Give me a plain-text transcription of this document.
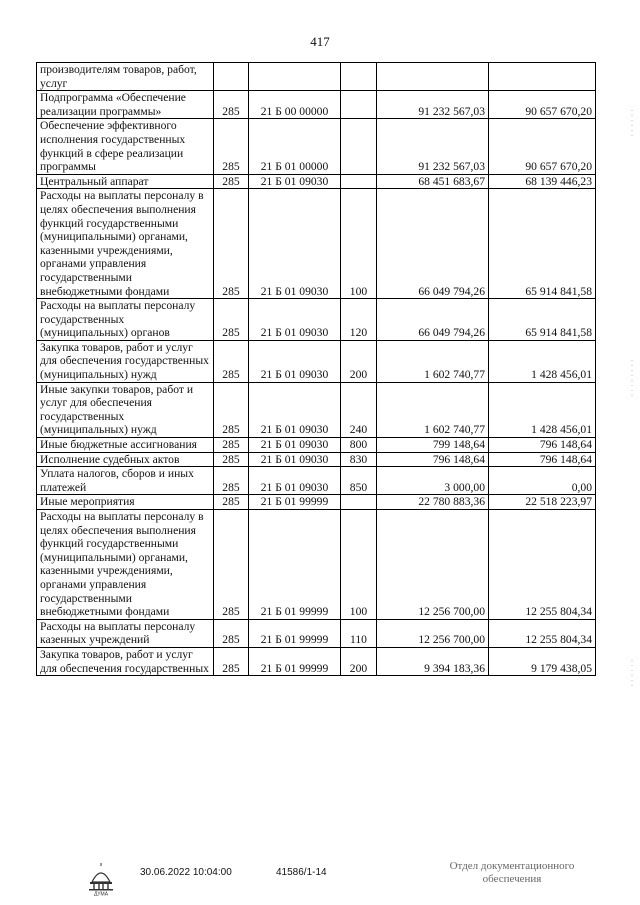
417
производителям товаров, работ, услуг					
Подпрограмма «Обеспечение реализации программы»	285	21 Б 00 00000		91 232 567,03	90 657 670,20
Обеспечение эффективного исполнения государственных функций в сфере реализации программы	285	21 Б 01 00000		91 232 567,03	90 657 670,20
Центральный аппарат	285	21 Б 01 09030		68 451 683,67	68 139 446,23
Расходы на выплаты персоналу в целях обеспечения выполнения функций государственными (муниципальными) органами, казенными учреждениями, органами управления государственными внебюджетными фондами	285	21 Б 01 09030	100	66 049 794,26	65 914 841,58
Расходы на выплаты персоналу государственных (муниципальных) органов	285	21 Б 01 09030	120	66 049 794,26	65 914 841,58
Закупка товаров, работ и услуг для обеспечения государственных (муниципальных) нужд	285	21 Б 01 09030	200	1 602 740,77	1 428 456,01
Иные закупки товаров, работ и услуг для обеспечения государственных (муниципальных) нужд	285	21 Б 01 09030	240	1 602 740,77	1 428 456,01
Иные бюджетные ассигнования	285	21 Б 01 09030	800	799 148,64	796 148,64
Исполнение судебных актов	285	21 Б 01 09030	830	796 148,64	796 148,64
Уплата налогов, сборов и иных платежей	285	21 Б 01 09030	850	3 000,00	0,00
Иные мероприятия	285	21 Б 01 99999		22 780 883,36	22 518 223,97
Расходы на выплаты персоналу в целях обеспечения выполнения функций государственными (муниципальными) органами, казенными учреждениями, органами управления государственными внебюджетными фондами	285	21 Б 01 99999	100	12 256 700,00	12 255 804,34
Расходы на выплаты персоналу казенных учреждений	285	21 Б 01 99999	110	12 256 700,00	12 255 804,34
Закупка товаров, работ и услуг для обеспечения государственных	285	21 Б 01 99999	200	9 394 183,36	9 179 438,05
ДУМА
30.06.2022 10:04:00	41586/1-14
Отдел документационного обеспечения
